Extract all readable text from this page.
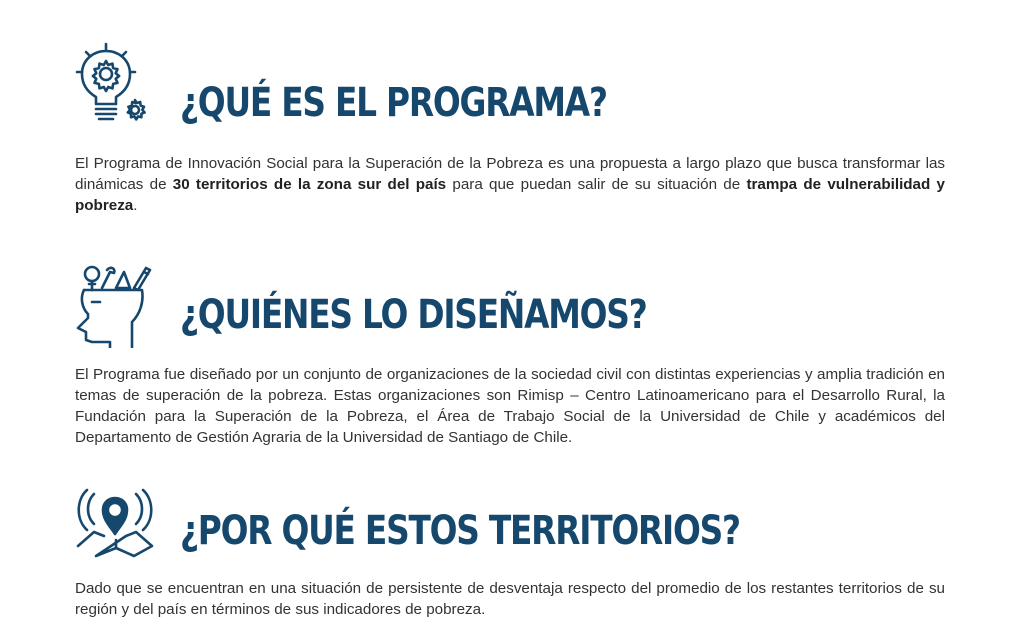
¿QUÉ ES EL PROGRAMA?

El Programa de Innovación Social para la Superación de la Pobreza es una propuesta a largo plazo que busca transformar las dinámicas de 30 territorios de la zona sur del país para que puedan salir de su situación de trampa de vulnerabilidad y pobreza.

¿QUIÉNES LO DISEÑAMOS?

El Programa fue diseñado por un conjunto de organizaciones de la sociedad civil con distintas experiencias y amplia tradición en temas de superación de la pobreza. Estas organizaciones son Rimisp – Centro Latinoamericano para el Desarrollo Rural, la Fundación para la Superación de la Pobreza, el Área de Trabajo Social de la Universidad de Chile y académicos del Departamento de Gestión Agraria de la Universidad de Santiago de Chile.

¿POR QUÉ ESTOS TERRITORIOS?

Dado que se encuentran en una situación de persistente de desventaja respecto del promedio de los restantes territorios de su región y del país en términos de sus indicadores de pobreza.
